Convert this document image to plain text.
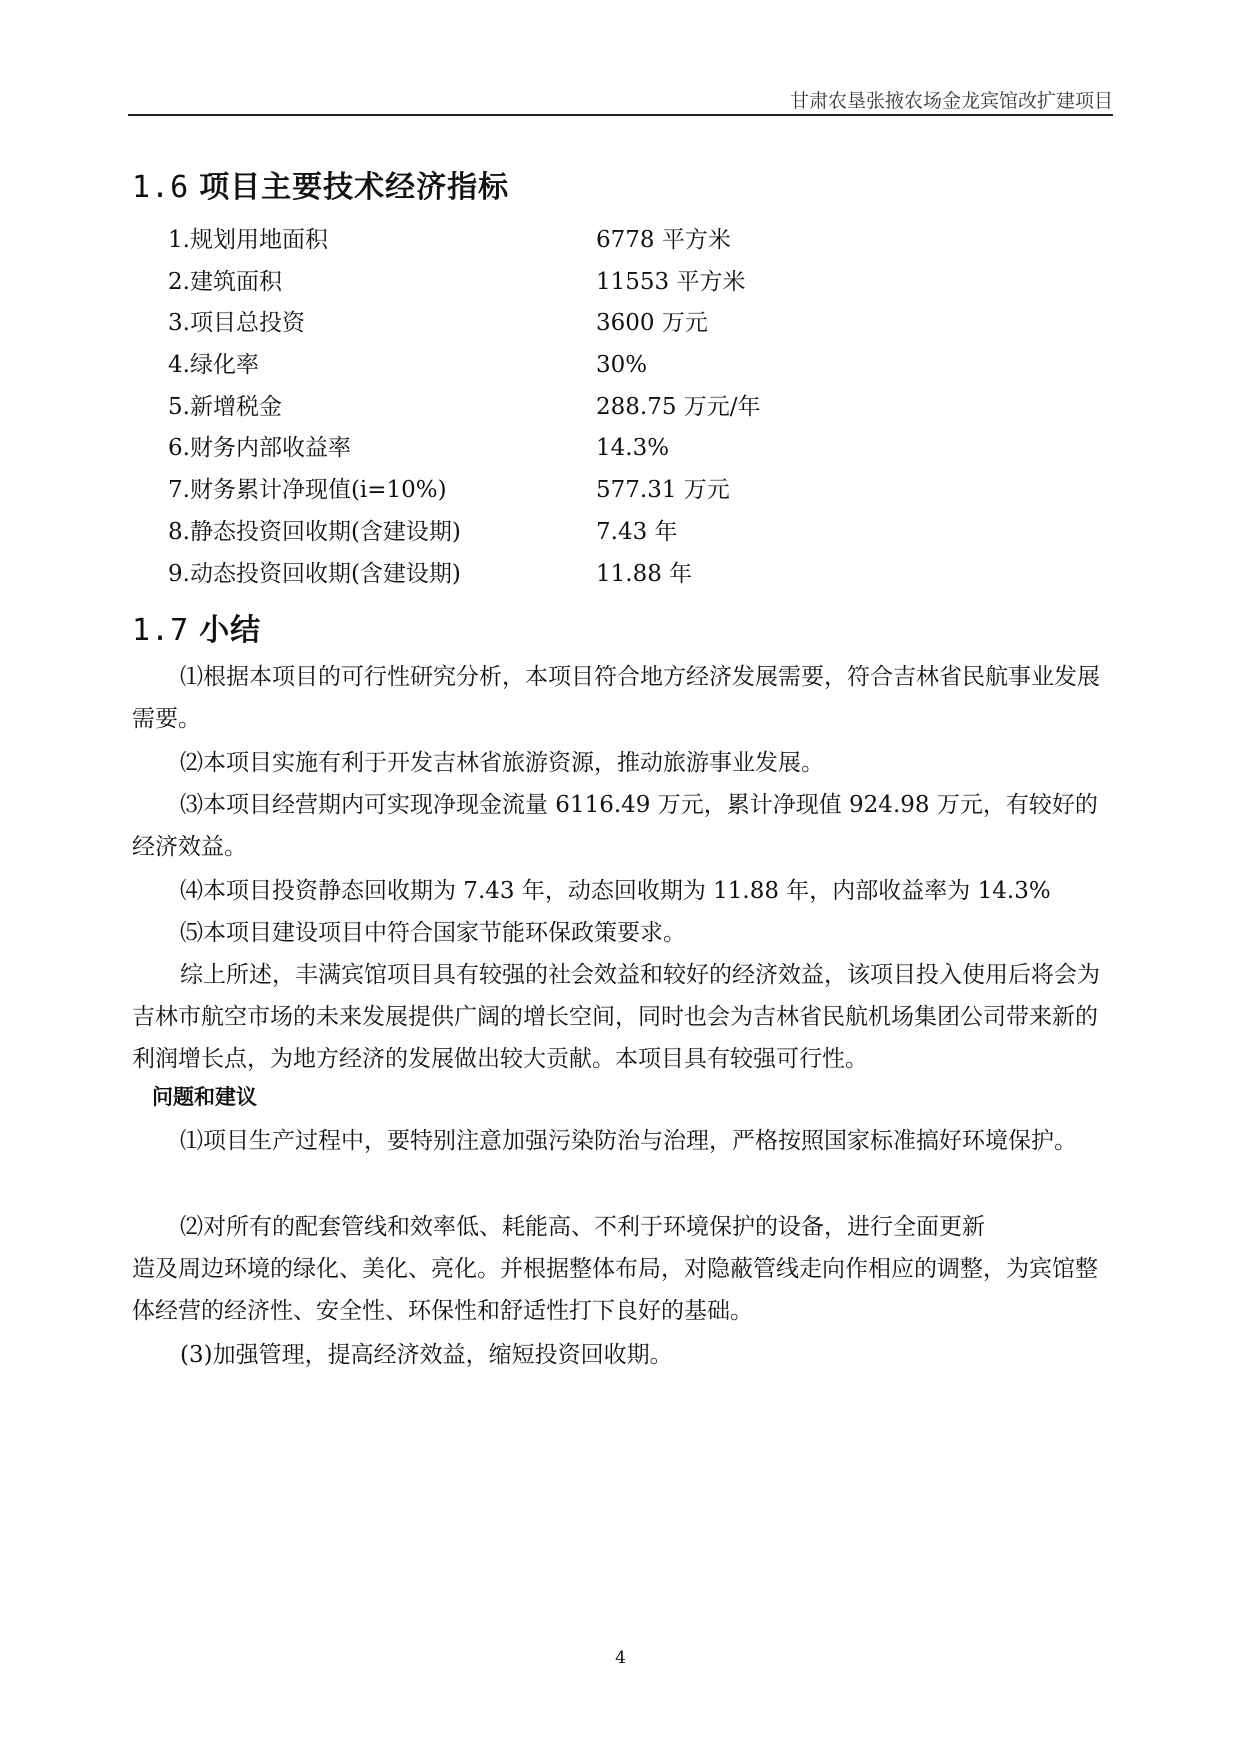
甘肃农垦张掖农场金龙宾馆改扩建项目
1.6 项目主要技术经济指标
1.规划用地面积	6778 平方米
2.建筑面积	11553 平方米
3.项目总投资	3600 万元
4.绿化率	30%
5.新增税金	288.75 万元/年
6.财务内部收益率	14.3%
7.财务累计净现值(i=10%)	577.31 万元
8.静态投资回收期(含建设期)	7.43 年
9.动态投资回收期(含建设期)	11.88 年
1.7 小结

⑴根据本项目的可行性研究分析，本项目符合地方经济发展需要，符合吉林省民航事业发展需要。

⑵本项目实施有利于开发吉林省旅游资源，推动旅游事业发展。

⑶本项目经营期内可实现净现金流量 6116.49 万元，累计净现值 924.98 万元，有较好的经济效益。

⑷本项目投资静态回收期为 7.43 年，动态回收期为 11.88 年，内部收益率为 14.3%

⑸本项目建设项目中符合国家节能环保政策要求。

综上所述，丰满宾馆项目具有较强的社会效益和较好的经济效益，该项目投入使用后将会为吉林市航空市场的未来发展提供广阔的增长空间，同时也会为吉林省民航机场集团公司带来新的利润增长点，为地方经济的发展做出较大贡献。本项目具有较强可行性。

问题和建议

⑴项目生产过程中，要特别注意加强污染防治与治理，严格按照国家标准搞好环境保护。

⑵对所有的配套管线和效率低、耗能高、不利于环境保护的设备，进行全面更新

造及周边环境的绿化、美化、亮化。并根据整体布局，对隐蔽管线走向作相应的调整，为宾馆整体经营的经济性、安全性、环保性和舒适性打下良好的基础。

(3)加强管理，提高经济效益，缩短投资回收期。

4
